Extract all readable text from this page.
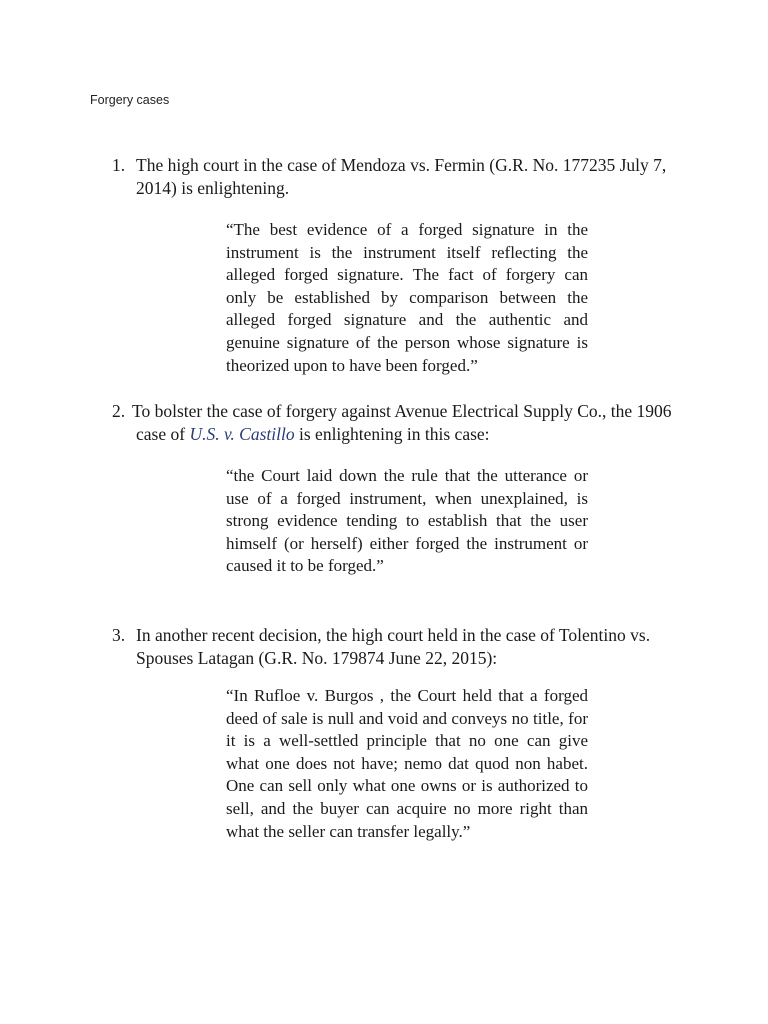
Forgery cases
1. The high court in the case of Mendoza vs. Fermin (G.R. No. 177235 July 7, 2014) is enlightening.
“The best evidence of a forged signature in the instrument is the instrument itself reflecting the alleged forged signature. The fact of forgery can only be established by comparison between the alleged forged signature and the authentic and genuine signature of the person whose signature is theorized upon to have been forged.”
2. To bolster the case of forgery against Avenue Electrical Supply Co., the 1906 case of U.S. v. Castillo is enlightening in this case:
“the Court laid down the rule that the utterance or use of a forged instrument, when unexplained, is strong evidence tending to establish that the user himself (or herself) either forged the instrument or caused it to be forged.”
3. In another recent decision, the high court held in the case of Tolentino vs. Spouses Latagan (G.R. No. 179874 June 22, 2015):
“In Rufloe v. Burgos , the Court held that a forged deed of sale is null and void and conveys no title, for it is a well-settled principle that no one can give what one does not have; nemo dat quod non habet. One can sell only what one owns or is authorized to sell, and the buyer can acquire no more right than what the seller can transfer legally.”
